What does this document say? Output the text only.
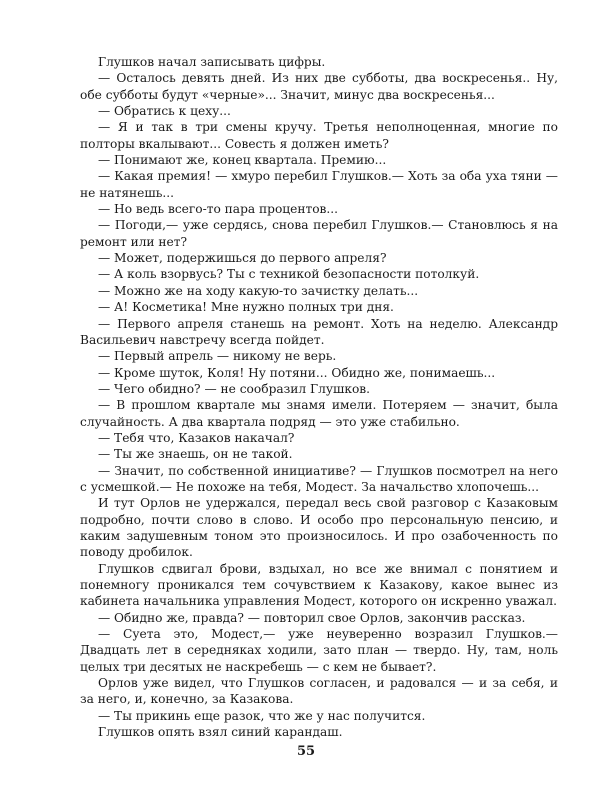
Глушков начал записывать цифры.

— Осталось девять дней. Из них две субботы, два воскресенья.. Ну, обе субботы будут «черные»... Значит, минус два воскресенья...

— Обратись к цеху...

— Я и так в три смены кручу. Третья неполноценная, многие по полторы вкалывают... Совесть я должен иметь?

— Понимают же, конец квартала. Премию...

— Какая премия! — хмуро перебил Глушков.— Хоть за оба уха тяни — не натянешь...

— Но ведь всего-то пара процентов...

— Погоди,— уже сердясь, снова перебил Глушков.— Становлюсь я на ремонт или нет?

— Может, подержишься до первого апреля?

— А коль взорвусь? Ты с техникой безопасности потолкуй.

— Можно же на ходу какую-то зачистку делать...

— А! Косметика! Мне нужно полных три дня.

— Первого апреля станешь на ремонт. Хоть на неделю. Александр Васильевич навстречу всегда пойдет.

— Первый апрель — никому не верь.

— Кроме шуток, Коля! Ну потяни... Обидно же, понимаешь...

— Чего обидно? — не сообразил Глушков.

— В прошлом квартале мы знамя имели. Потеряем — значит, была случайность. А два квартала подряд — это уже стабильно.

— Тебя что, Казаков накачал?

— Ты же знаешь, он не такой.

— Значит, по собственной инициативе? — Глушков посмотрел на него с усмешкой.— Не похоже на тебя, Модест. За начальство хлопочешь...

И тут Орлов не удержался, передал весь свой разговор с Казаковым подробно, почти слово в слово. И особо про персональную пенсию, и каким задушевным тоном это произносилось. И про озабоченность по поводу дробилок.

Глушков сдвигал брови, вздыхал, но все же внимал с понятием и понемногу проникался тем сочувствием к Казакову, какое вынес из кабинета начальника управления Модест, которого он искренно уважал.

— Обидно же, правда? — повторил свое Орлов, закончив рассказ.

— Суета это, Модест,— уже неуверенно возразил Глушков.— Двадцать лет в середняках ходили, зато план — твердо. Ну, там, ноль целых три десятых не наскребешь — с кем не бывает?.

Орлов уже видел, что Глушков согласен, и радовался — и за себя, и за него, и, конечно, за Казакова.

— Ты прикинь еще разок, что же у нас получится.

Глушков опять взял синий карандаш.

55
